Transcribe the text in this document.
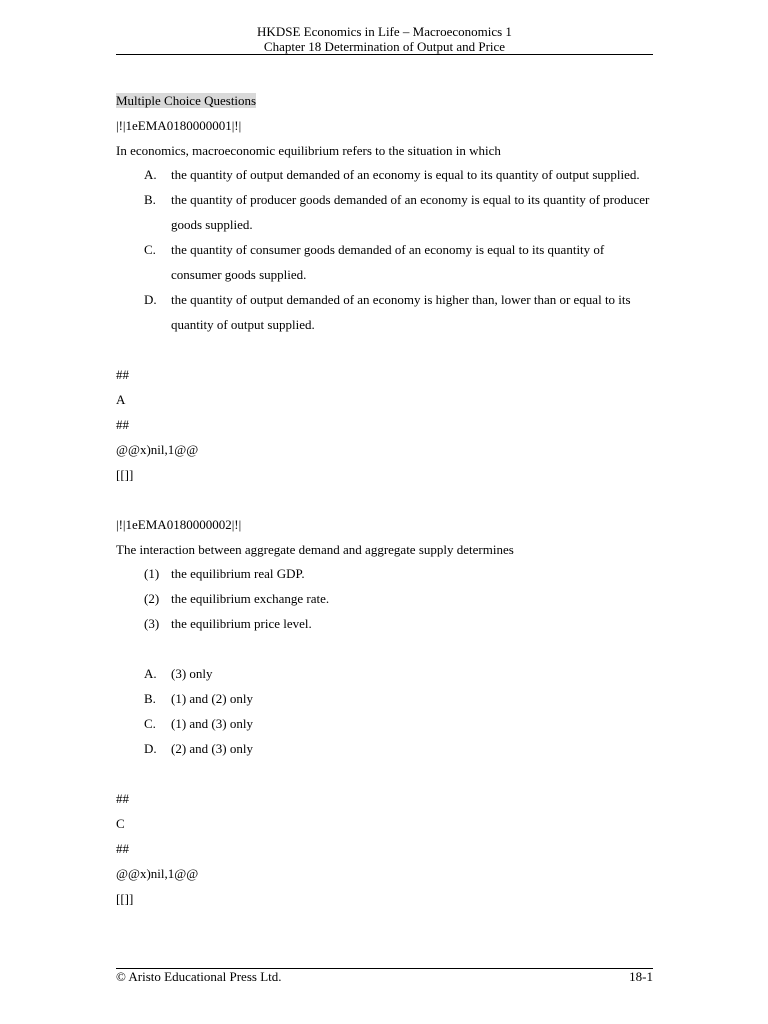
HKDSE Economics in Life – Macroeconomics 1
Chapter 18 Determination of Output and Price
Multiple Choice Questions
|!|1eEMA0180000001|!|
In economics, macroeconomic equilibrium refers to the situation in which
A. the quantity of output demanded of an economy is equal to its quantity of output supplied.
B. the quantity of producer goods demanded of an economy is equal to its quantity of producer
goods supplied.
C. the quantity of consumer goods demanded of an economy is equal to its quantity of
consumer goods supplied.
D. the quantity of output demanded of an economy is higher than, lower than or equal to its
quantity of output supplied.
##
A
##
@@x)nil,1@@
[[]]
|!|1eEMA0180000002|!|
The interaction between aggregate demand and aggregate supply determines
(1) the equilibrium real GDP.
(2) the equilibrium exchange rate.
(3) the equilibrium price level.
A. (3) only
B. (1) and (2) only
C. (1) and (3) only
D. (2) and (3) only
##
C
##
@@x)nil,1@@
[[]]
© Aristo Educational Press Ltd.	18-1
